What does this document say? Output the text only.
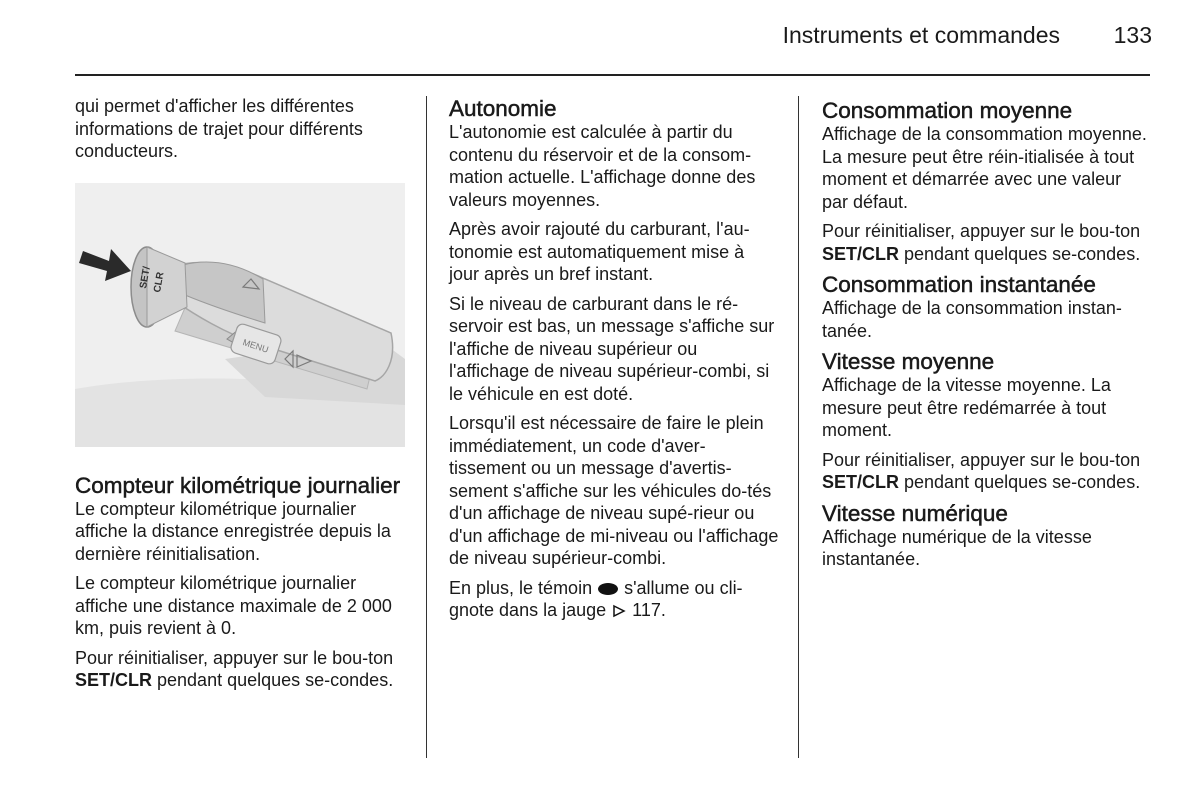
Instruments et commandes	133

qui permet d'afficher les différentes informations de trajet pour différents conducteurs.

MENU
SET/ CLR
Compteur kilométrique journalier

Le compteur kilométrique journalier affiche la distance enregistrée depuis la dernière réinitialisation.

Le compteur kilométrique journalier affiche une distance maximale de 2 000 km, puis revient à 0.

Pour réinitialiser, appuyer sur le bou-ton SET/CLR pendant quelques se-condes.

Autonomie

L'autonomie est calculée à partir du contenu du réservoir et de la consom-mation actuelle. L'affichage donne des valeurs moyennes.

Après avoir rajouté du carburant, l'au-tonomie est automatiquement mise à jour après un bref instant.

Si le niveau de carburant dans le ré-servoir est bas, un message s'affiche sur l'affiche de niveau supérieur ou l'affichage de niveau supérieur-combi, si le véhicule en est doté.

Lorsqu'il est nécessaire de faire le plein immédiatement, un code d'aver-tissement ou un message d'avertis-sement s'affiche sur les véhicules do-tés d'un affichage de niveau supé-rieur ou d'un affichage de mi-niveau ou l'affichage de niveau supérieur-combi.

En plus, le témoin  s'allume ou cli-gnote dans la jauge  117.

Consommation moyenne

Affichage de la consommation moyenne. La mesure peut être réin-itialisée à tout moment et démarrée avec une valeur par défaut.

Pour réinitialiser, appuyer sur le bou-ton SET/CLR pendant quelques se-condes.

Consommation instantanée

Affichage de la consommation instan-tanée.

Vitesse moyenne

Affichage de la vitesse moyenne. La mesure peut être redémarrée à tout moment.

Pour réinitialiser, appuyer sur le bou-ton SET/CLR pendant quelques se-condes.

Vitesse numérique

Affichage numérique de la vitesse instantanée.
